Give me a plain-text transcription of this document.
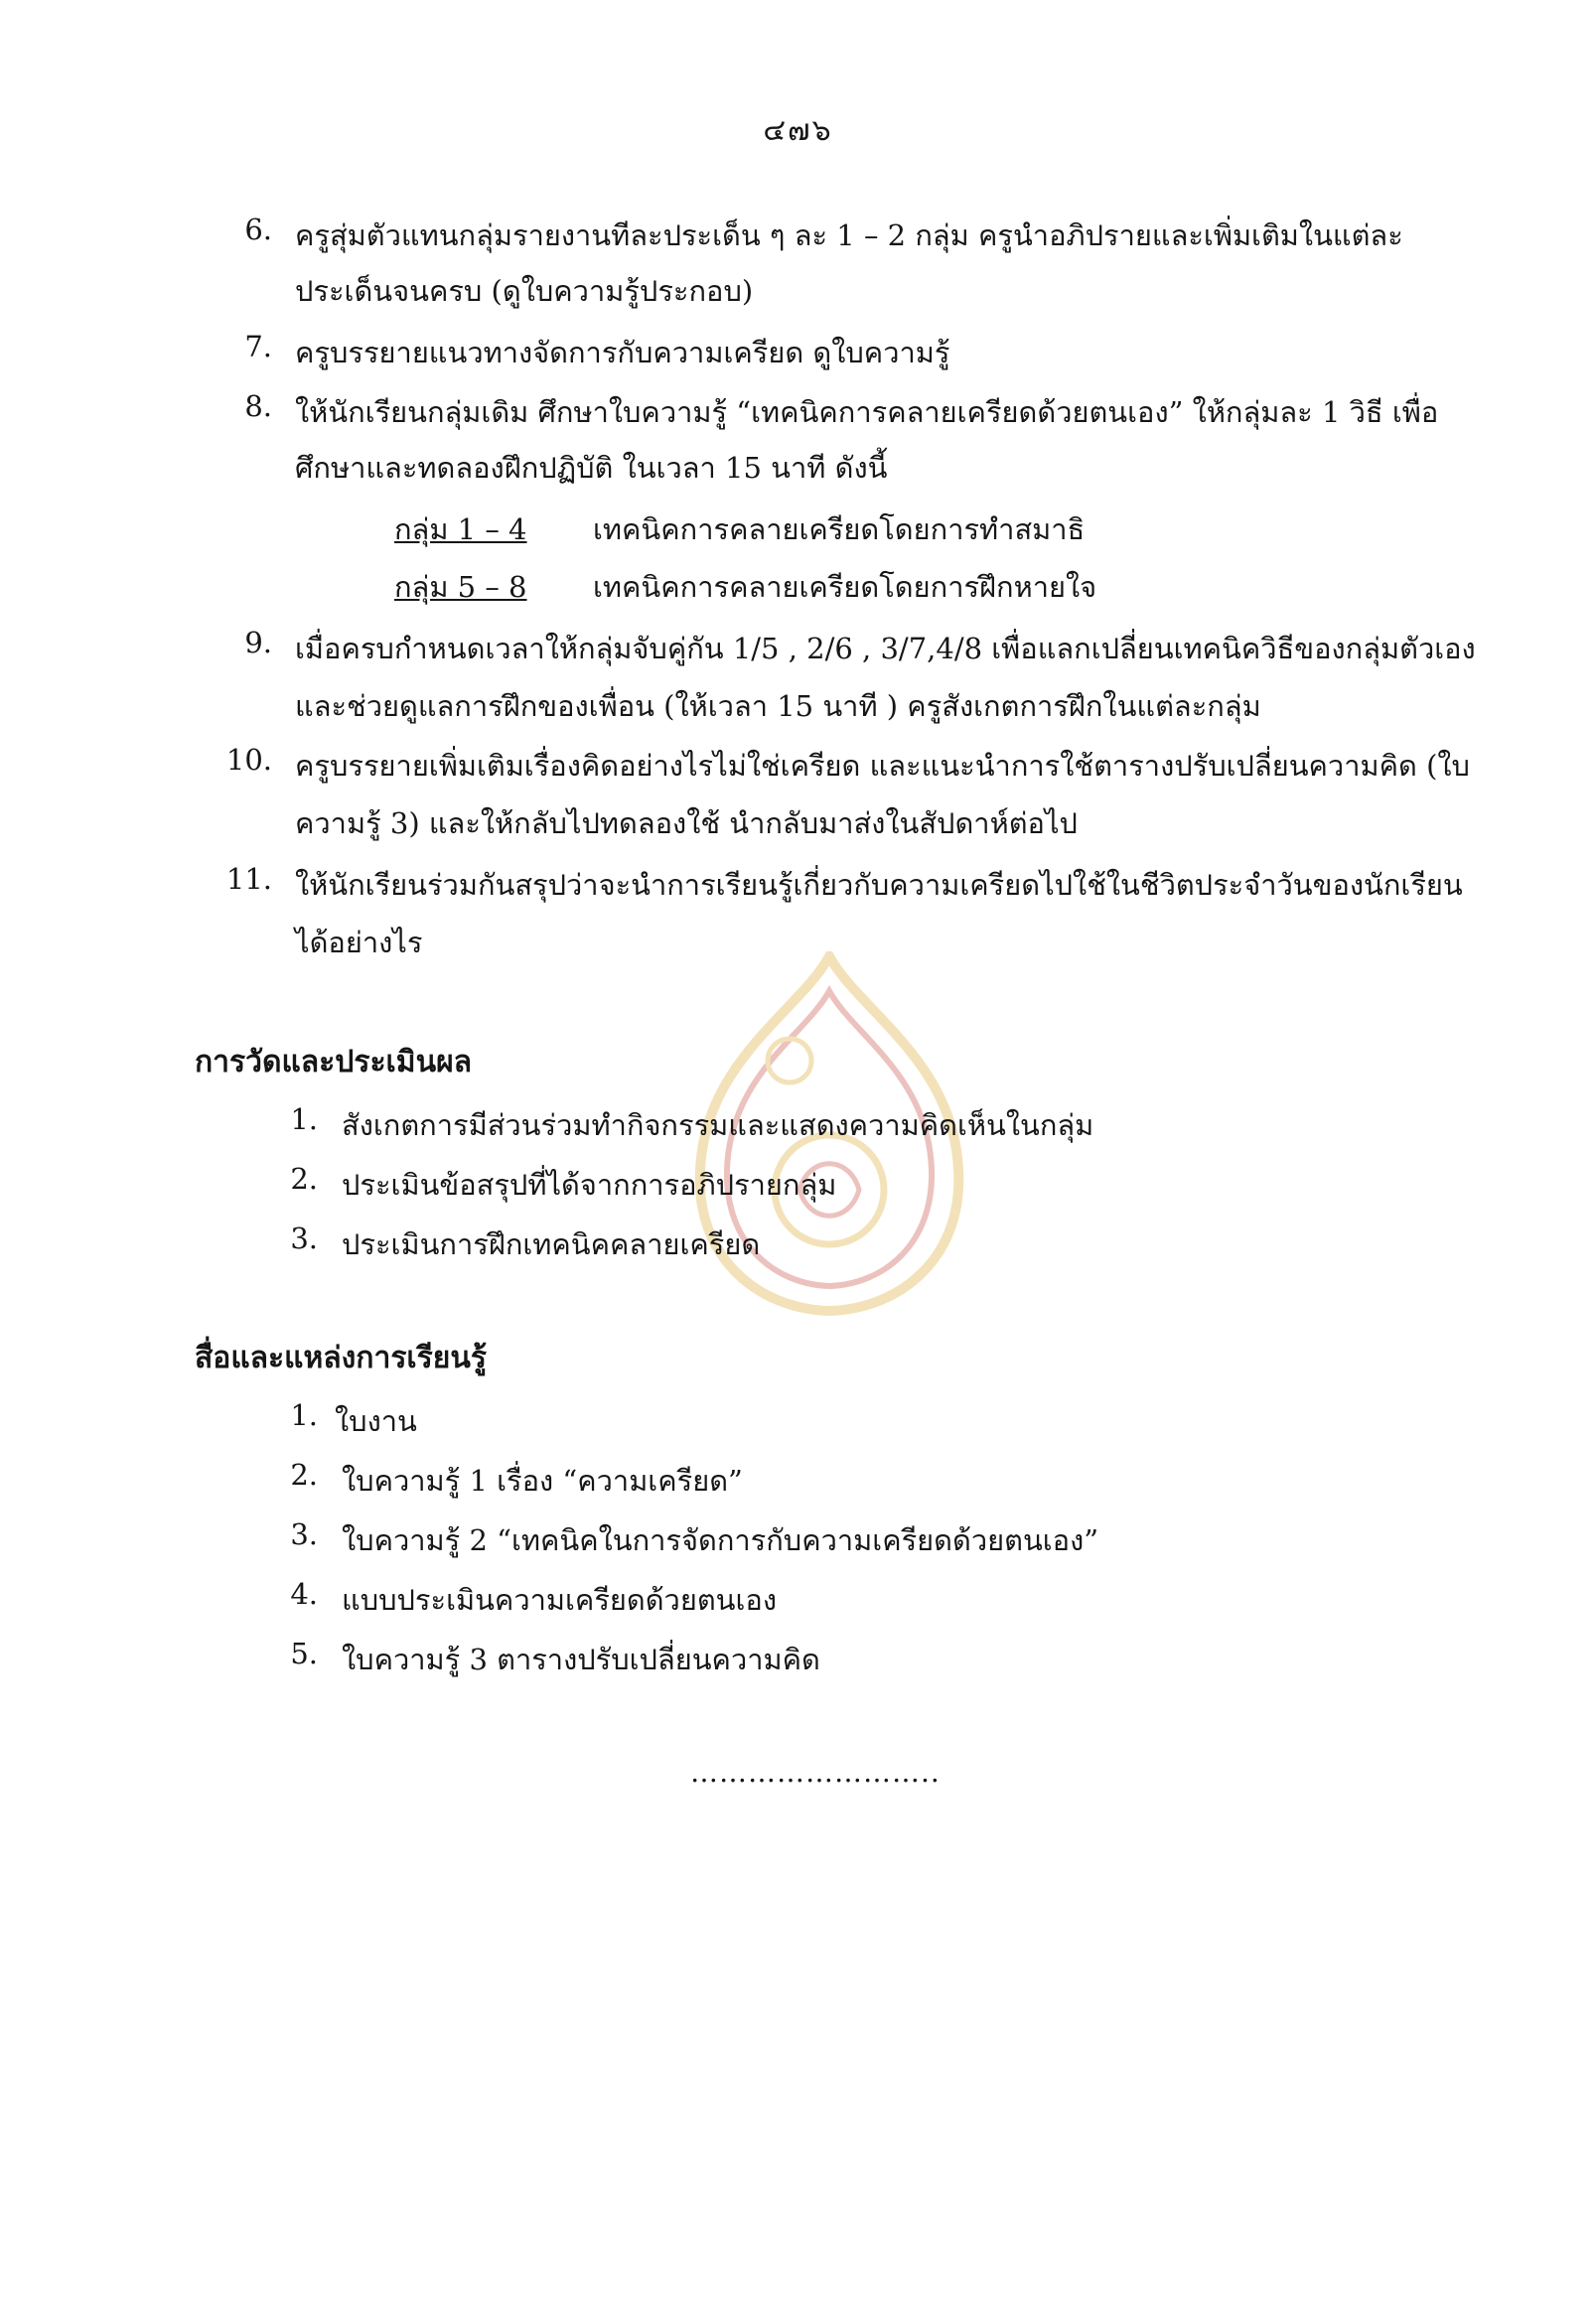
๔๗๖
6. ครูสุ่มตัวแทนกลุ่มรายงานทีละประเด็น ๆ ละ 1 – 2 กลุ่ม ครูนำอภิปรายและเพิ่มเติมในแต่ละ
ประเด็นจนครบ (ดูใบความรู้ประกอบ)
7. ครูบรรยายแนวทางจัดการกับความเครียด ดูใบความรู้
8. ให้นักเรียนกลุ่มเดิม ศึกษาใบความรู้ “เทคนิคการคลายเครียดด้วยตนเอง” ให้กลุ่มละ 1 วิธี เพื่อ
ศึกษาและทดลองฝึกปฏิบัติ ในเวลา 15 นาที ดังนี้
กลุ่ม 1 – 4 เทคนิคการคลายเครียดโดยการทำสมาธิ
กลุ่ม 5 – 8 เทคนิคการคลายเครียดโดยการฝึกหายใจ
9. เมื่อครบกำหนดเวลาให้กลุ่มจับคู่กัน 1/5 , 2/6 , 3/7,4/8 เพื่อแลกเปลี่ยนเทคนิควิธีของกลุ่มตัวเอง
และช่วยดูแลการฝึกของเพื่อน (ให้เวลา 15 นาที ) ครูสังเกตการฝึกในแต่ละกลุ่ม
10. ครูบรรยายเพิ่มเติมเรื่องคิดอย่างไรไม่ใช่เครียด และแนะนำการใช้ตารางปรับเปลี่ยนความคิด (ใบ
ความรู้ 3) และให้กลับไปทดลองใช้ นำกลับมาส่งในสัปดาห์ต่อไป
11. ให้นักเรียนร่วมกันสรุปว่าจะนำการเรียนรู้เกี่ยวกับความเครียดไปใช้ในชีวิตประจำวันของนักเรียน
ได้อย่างไร
การวัดและประเมินผล
1. สังเกตการมีส่วนร่วมทำกิจกรรมและแสดงความคิดเห็นในกลุ่ม
2. ประเมินข้อสรุปที่ได้จากการอภิปรายกลุ่ม
3. ประเมินการฝึกเทคนิคคลายเครียด
สื่อและแหล่งการเรียนรู้
1. ใบงาน
2. ใบความรู้ 1 เรื่อง “ความเครียด”
3. ใบความรู้ 2 “เทคนิคในการจัดการกับความเครียดด้วยตนเอง”
4. แบบประเมินความเครียดด้วยตนเอง
5. ใบความรู้ 3 ตารางปรับเปลี่ยนความคิด
……………………..
